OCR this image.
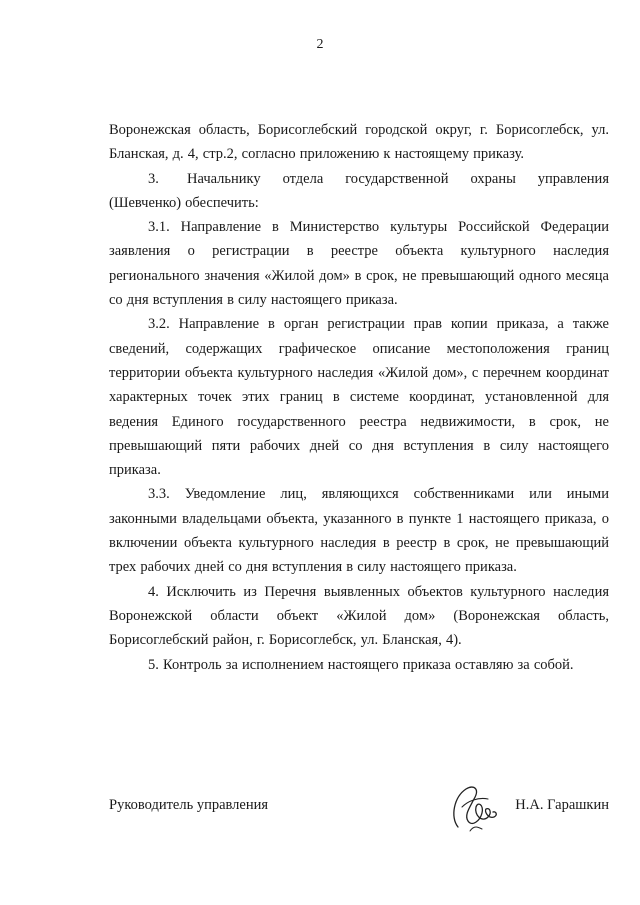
2

Воронежская область, Борисоглебский городской округ, г. Борисоглебск, ул. Бланская, д. 4, стр.2, согласно приложению к настоящему приказу.

3. Начальнику отдела государственной охраны управления (Шевченко) обеспечить:

3.1. Направление в Министерство культуры Российской Федерации заявления о регистрации в реестре объекта культурного наследия регионального значения «Жилой дом» в срок, не превышающий одного месяца со дня вступления в силу настоящего приказа.

3.2. Направление в орган регистрации прав копии приказа, а также сведений, содержащих графическое описание местоположения границ территории объекта культурного наследия «Жилой дом», с перечнем координат характерных точек этих границ в системе координат, установленной для ведения Единого государственного реестра недвижимости, в срок, не превышающий пяти рабочих дней со дня вступления в силу настоящего приказа.

3.3. Уведомление лиц, являющихся собственниками или иными законными владельцами объекта, указанного в пункте 1 настоящего приказа, о включении объекта культурного наследия в реестр в срок, не превышающий трех рабочих дней со дня вступления в силу настоящего приказа.

4. Исключить из Перечня выявленных объектов культурного наследия Воронежской области объект «Жилой дом» (Воронежская область, Борисоглебский район, г. Борисоглебск, ул. Бланская, 4).

5. Контроль за исполнением настоящего приказа оставляю за собой.

Руководитель управления	Н.А. Гарашкин
